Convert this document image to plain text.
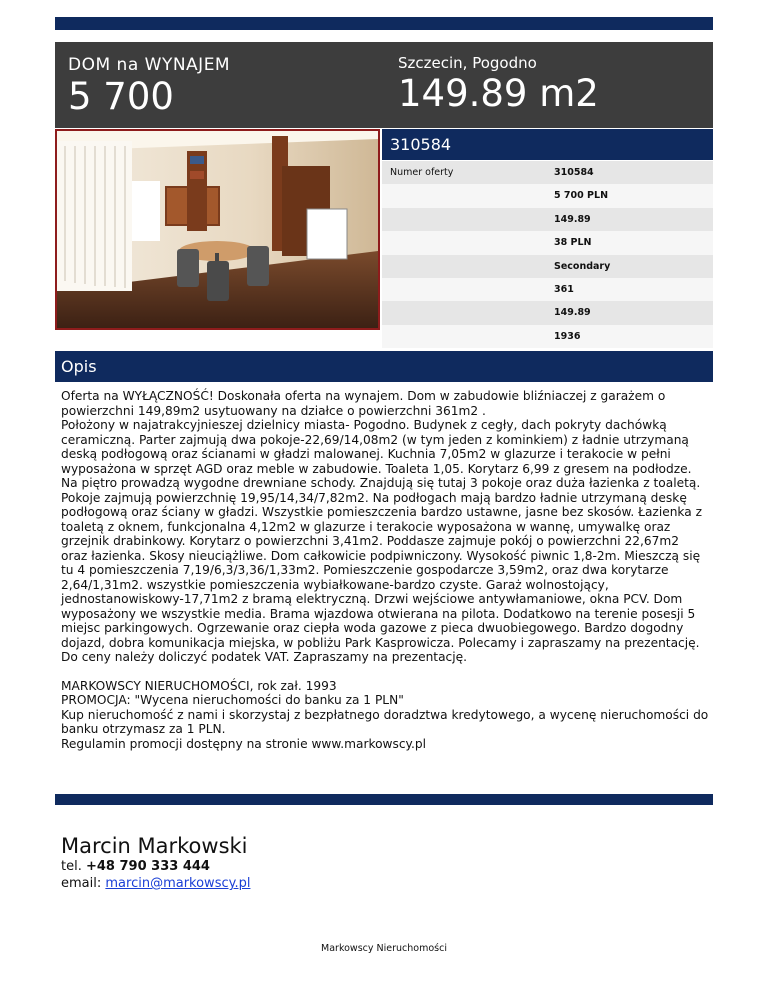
DOM na WYNAJEM
5 700
Szczecin, Pogodno
149.89 m2
310584
Numer oferty	310584
5 700 PLN
149.89
38 PLN
Secondary
361
149.89
1936
Opis

Oferta na WYŁĄCZNOŚĆ! Doskonała oferta na wynajem. Dom w zabudowie bliźniaczej z garażem o powierzchni 149,89m2 usytuowany na działce o powierzchni 361m2 .
Położony w najatrakcyjnieszej dzielnicy miasta- Pogodno. Budynek z cegły, dach pokryty dachówką ceramiczną. Parter zajmują dwa pokoje-22,69/14,08m2 (w tym jeden z kominkiem) z ładnie utrzymaną deską podłogową oraz ścianami w gładzi malowanej. Kuchnia 7,05m2 w glazurze i terakocie w pełni wyposażona w sprzęt AGD oraz meble w zabudowie. Toaleta 1,05. Korytarz 6,99 z gresem na podłodze. Na piętro prowadzą wygodne drewniane schody. Znajdują się tutaj 3 pokoje oraz duża łazienka z toaletą. Pokoje zajmują powierzchnię 19,95/14,34/7,82m2. Na podłogach mają bardzo ładnie utrzymaną deskę podłogową oraz ściany w gładzi. Wszystkie pomieszczenia bardzo ustawne, jasne bez skosów. Łazienka z toaletą z oknem, funkcjonalna 4,12m2 w glazurze i terakocie wyposażona w wannę, umywalkę oraz grzejnik drabinkowy. Korytarz o powierzchni 3,41m2. Poddasze zajmuje pokój o powierzchni 22,67m2 oraz łazienka. Skosy nieuciążliwe. Dom całkowicie podpiwniczony. Wysokość piwnic 1,8-2m. Mieszczą się tu 4 pomieszczenia 7,19/6,3/3,36/1,33m2. Pomieszczenie gospodarcze 3,59m2, oraz dwa korytarze 2,64/1,31m2. wszystkie pomieszczenia wybiałkowane-bardzo czyste. Garaż wolnostojący, jednostanowiskowy-17,71m2 z bramą elektryczną. Drzwi wejściowe antywłamaniowe, okna PCV. Dom wyposażony we wszystkie media. Brama wjazdowa otwierana na pilota. Dodatkowo na terenie posesji 5 miejsc parkingowych. Ogrzewanie oraz ciepła woda gazowe z pieca dwuobiegowego. Bardzo dogodny dojazd, dobra komunikacja miejska, w pobliżu Park Kasprowicza. Polecamy i zapraszamy na prezentację. Do ceny należy doliczyć podatek VAT. Zapraszamy na prezentację.

MARKOWSCY NIERUCHOMOŚCI, rok zał. 1993
PROMOCJA: "Wycena nieruchomości do banku za 1 PLN"
Kup nieruchomość z nami i skorzystaj z bezpłatnego doradztwa kredytowego, a wycenę nieruchomości do banku otrzymasz za 1 PLN.
Regulamin promocji dostępny na stronie www.markowscy.pl

Marcin Markowski
tel. +48 790 333 444
email: marcin@markowscy.pl
Markowscy Nieruchomości
